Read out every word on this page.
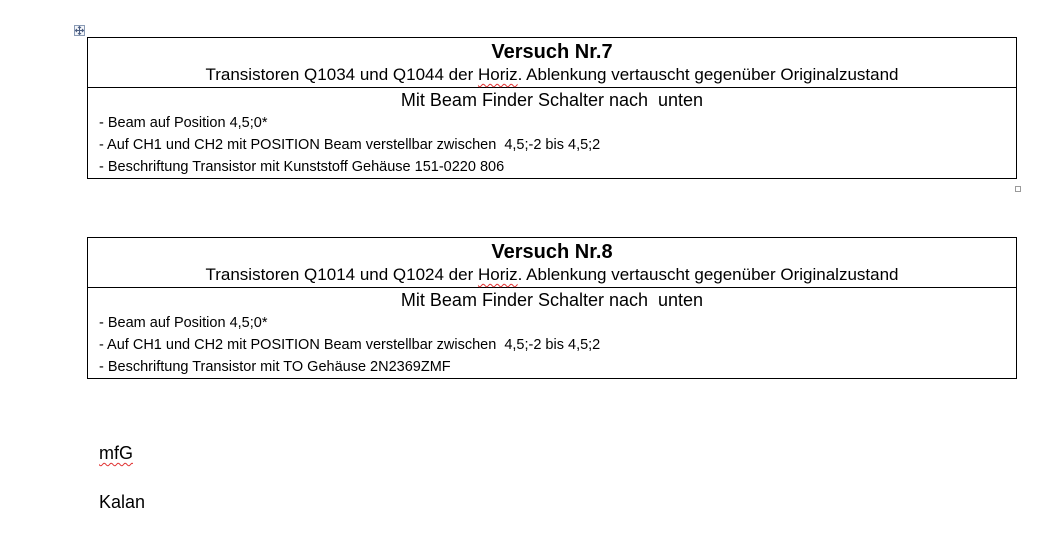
Versuch Nr.7
Transistoren Q1034 und Q1044 der Horiz. Ablenkung vertauscht gegenüber Originalzustand

Mit Beam Finder Schalter nach  unten
- Beam auf Position 4,5;0*
- Auf CH1 und CH2 mit POSITION Beam verstellbar zwischen  4,5;-2 bis 4,5;2
- Beschriftung Transistor mit Kunststoff Gehäuse 151-0220 806
Versuch Nr.8
Transistoren Q1014 und Q1024 der Horiz. Ablenkung vertauscht gegenüber Originalzustand

Mit Beam Finder Schalter nach  unten
- Beam auf Position 4,5;0*
- Auf CH1 und CH2 mit POSITION Beam verstellbar zwischen  4,5;-2 bis 4,5;2
- Beschriftung Transistor mit TO Gehäuse 2N2369ZMF
mfG
Kalan
